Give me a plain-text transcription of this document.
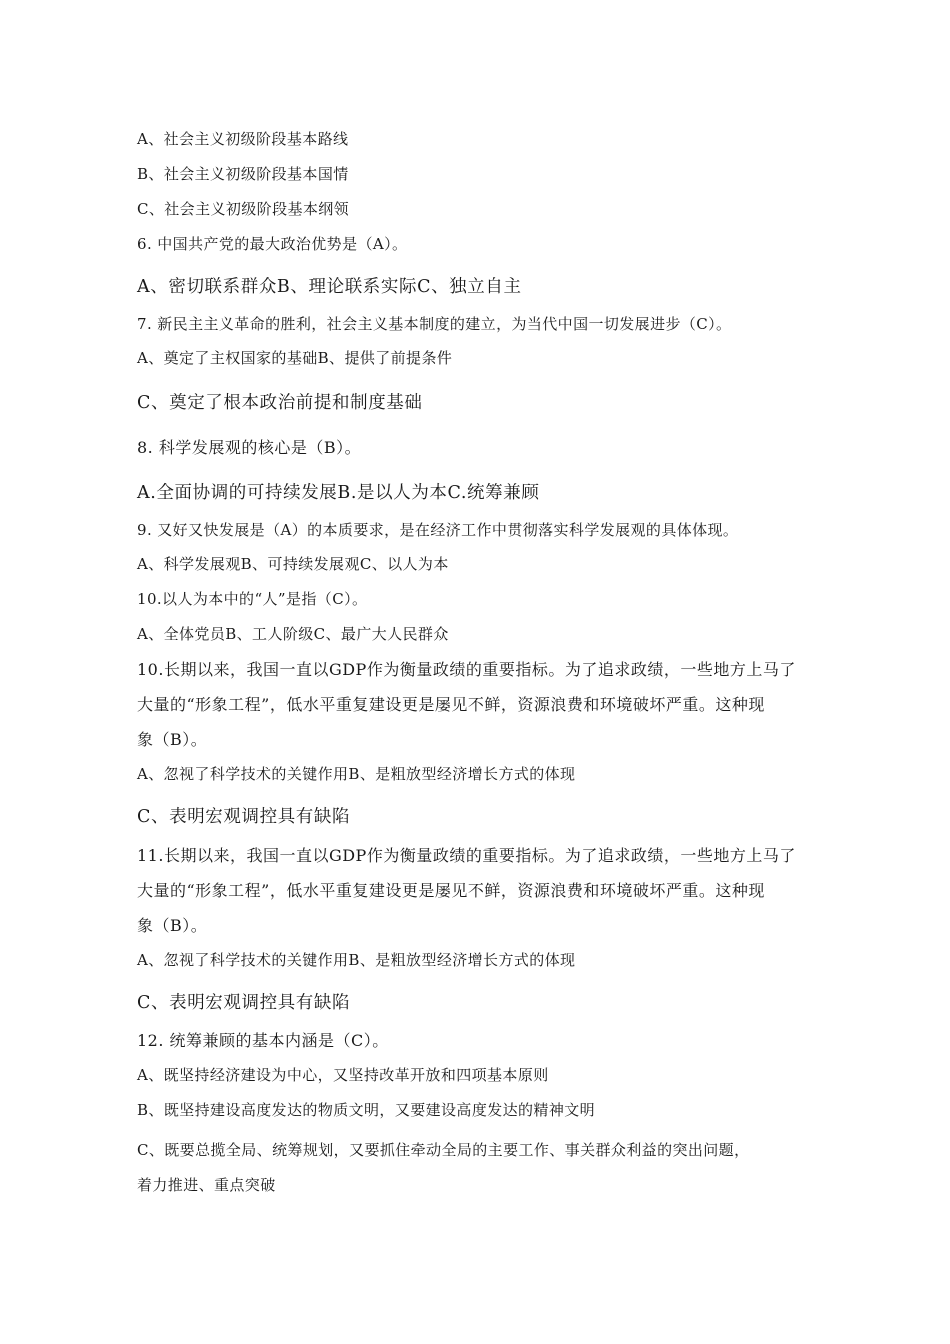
A、社会主义初级阶段基本路线
B、社会主义初级阶段基本国情
C、社会主义初级阶段基本纲领
6. 中国共产党的最大政治优势是（A）。
A、密切联系群众B、理论联系实际C、独立自主
7. 新民主主义革命的胜利，社会主义基本制度的建立，为当代中国一切发展进步（C）。
A、奠定了主权国家的基础B、提供了前提条件
C、奠定了根本政治前提和制度基础
8. 科学发展观的核心是（B）。
A.全面协调的可持续发展B.是以人为本C.统筹兼顾
9. 又好又快发展是（A）的本质要求，是在经济工作中贯彻落实科学发展观的具体体现。
A、科学发展观B、可持续发展观C、以人为本
10.以人为本中的“人”是指（C）。
A、全体党员B、工人阶级C、最广大人民群众
10.长期以来，我国一直以GDP作为衡量政绩的重要指标。为了追求政绩，一些地方上马了
大量的“形象工程”，低水平重复建设更是屡见不鲜，资源浪费和环境破坏严重。这种现
象（B）。
A、忽视了科学技术的关键作用B、是粗放型经济增长方式的体现
C、表明宏观调控具有缺陷
11.长期以来，我国一直以GDP作为衡量政绩的重要指标。为了追求政绩，一些地方上马了
大量的“形象工程”，低水平重复建设更是屡见不鲜，资源浪费和环境破坏严重。这种现
象（B）。
A、忽视了科学技术的关键作用B、是粗放型经济增长方式的体现
C、表明宏观调控具有缺陷
12. 统筹兼顾的基本内涵是（C）。
A、既坚持经济建设为中心，又坚持改革开放和四项基本原则
B、既坚持建设高度发达的物质文明，又要建设高度发达的精神文明
C、既要总揽全局、统筹规划，又要抓住牵动全局的主要工作、事关群众利益的突出问题，
着力推进、重点突破
